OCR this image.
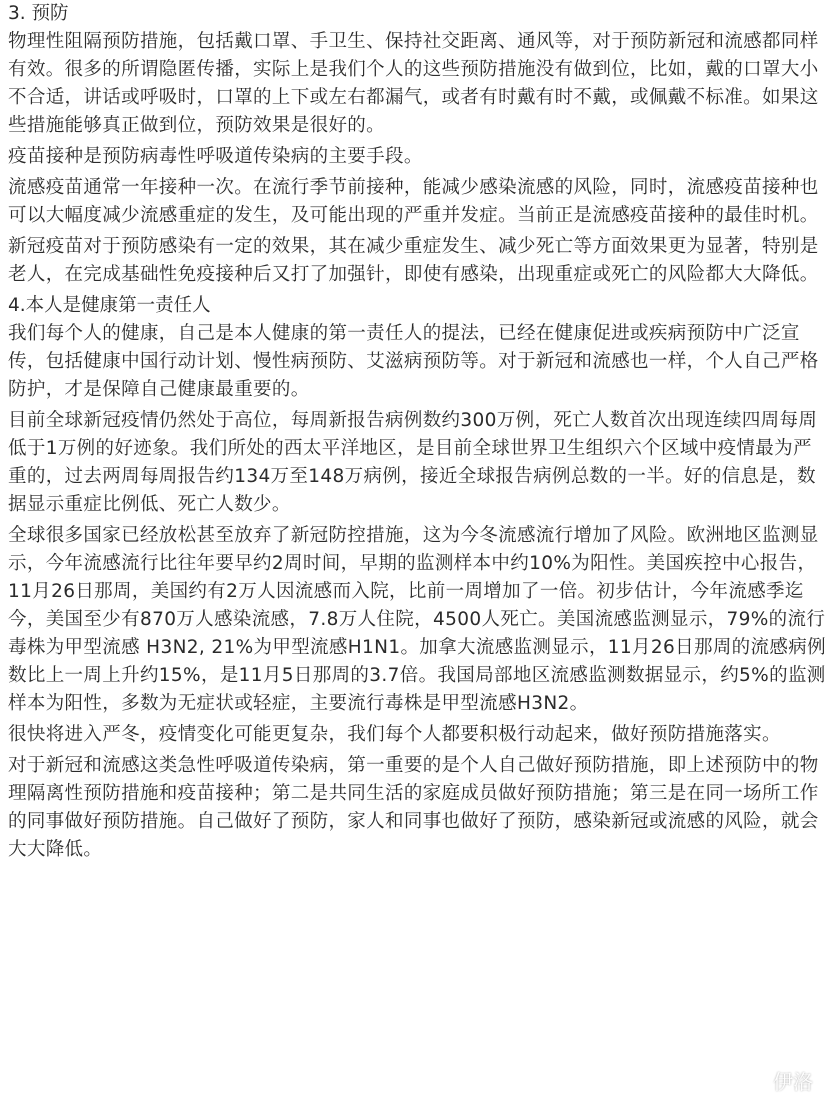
3. 预防

物理性阻隔预防措施，包括戴口罩、手卫生、保持社交距离、通风等，对于预防新冠和流感都同样有效。很多的所谓隐匿传播，实际上是我们个人的这些预防措施没有做到位，比如，戴的口罩大小不合适，讲话或呼吸时，口罩的上下或左右都漏气，或者有时戴有时不戴，或佩戴不标准。如果这些措施能够真正做到位，预防效果是很好的。

疫苗接种是预防病毒性呼吸道传染病的主要手段。

流感疫苗通常一年接种一次。在流行季节前接种，能减少感染流感的风险，同时，流感疫苗接种也可以大幅度减少流感重症的发生，及可能出现的严重并发症。当前正是流感疫苗接种的最佳时机。

新冠疫苗对于预防感染有一定的效果，其在减少重症发生、减少死亡等方面效果更为显著，特别是老人，在完成基础性免疫接种后又打了加强针，即使有感染，出现重症或死亡的风险都大大降低。

4.本人是健康第一责任人

我们每个人的健康，自己是本人健康的第一责任人的提法，已经在健康促进或疾病预防中广泛宣传，包括健康中国行动计划、慢性病预防、艾滋病预防等。对于新冠和流感也一样，个人自己严格防护，才是保障自己健康最重要的。

目前全球新冠疫情仍然处于高位，每周新报告病例数约300万例，死亡人数首次出现连续四周每周低于1万例的好迹象。我们所处的西太平洋地区，是目前全球世界卫生组织六个区域中疫情最为严重的，过去两周每周报告约134万至148万病例，接近全球报告病例总数的一半。好的信息是，数据显示重症比例低、死亡人数少。

全球很多国家已经放松甚至放弃了新冠防控措施，这为今冬流感流行增加了风险。欧洲地区监测显示，今年流感流行比往年要早约2周时间，早期的监测样本中约10%为阳性。美国疾控中心报告，11月26日那周，美国约有2万人因流感而入院，比前一周增加了一倍。初步估计，今年流感季迄今，美国至少有870万人感染流感，7.8万人住院，4500人死亡。美国流感监测显示，79%的流行毒株为甲型流感 H3N2, 21%为甲型流感H1N1。加拿大流感监测显示，11月26日那周的流感病例数比上一周上升约15%，是11月5日那周的3.7倍。我国局部地区流感监测数据显示，约5%的监测样本为阳性，多数为无症状或轻症，主要流行毒株是甲型流感H3N2。

很快将进入严冬，疫情变化可能更复杂，我们每个人都要积极行动起来，做好预防措施落实。

对于新冠和流感这类急性呼吸道传染病，第一重要的是个人自己做好预防措施，即上述预防中的物理隔离性预防措施和疫苗接种；第二是共同生活的家庭成员做好预防措施；第三是在同一场所工作的同事做好预防措施。自己做好了预防，家人和同事也做好了预防，感染新冠或流感的风险，就会大大降低。

伊洛
